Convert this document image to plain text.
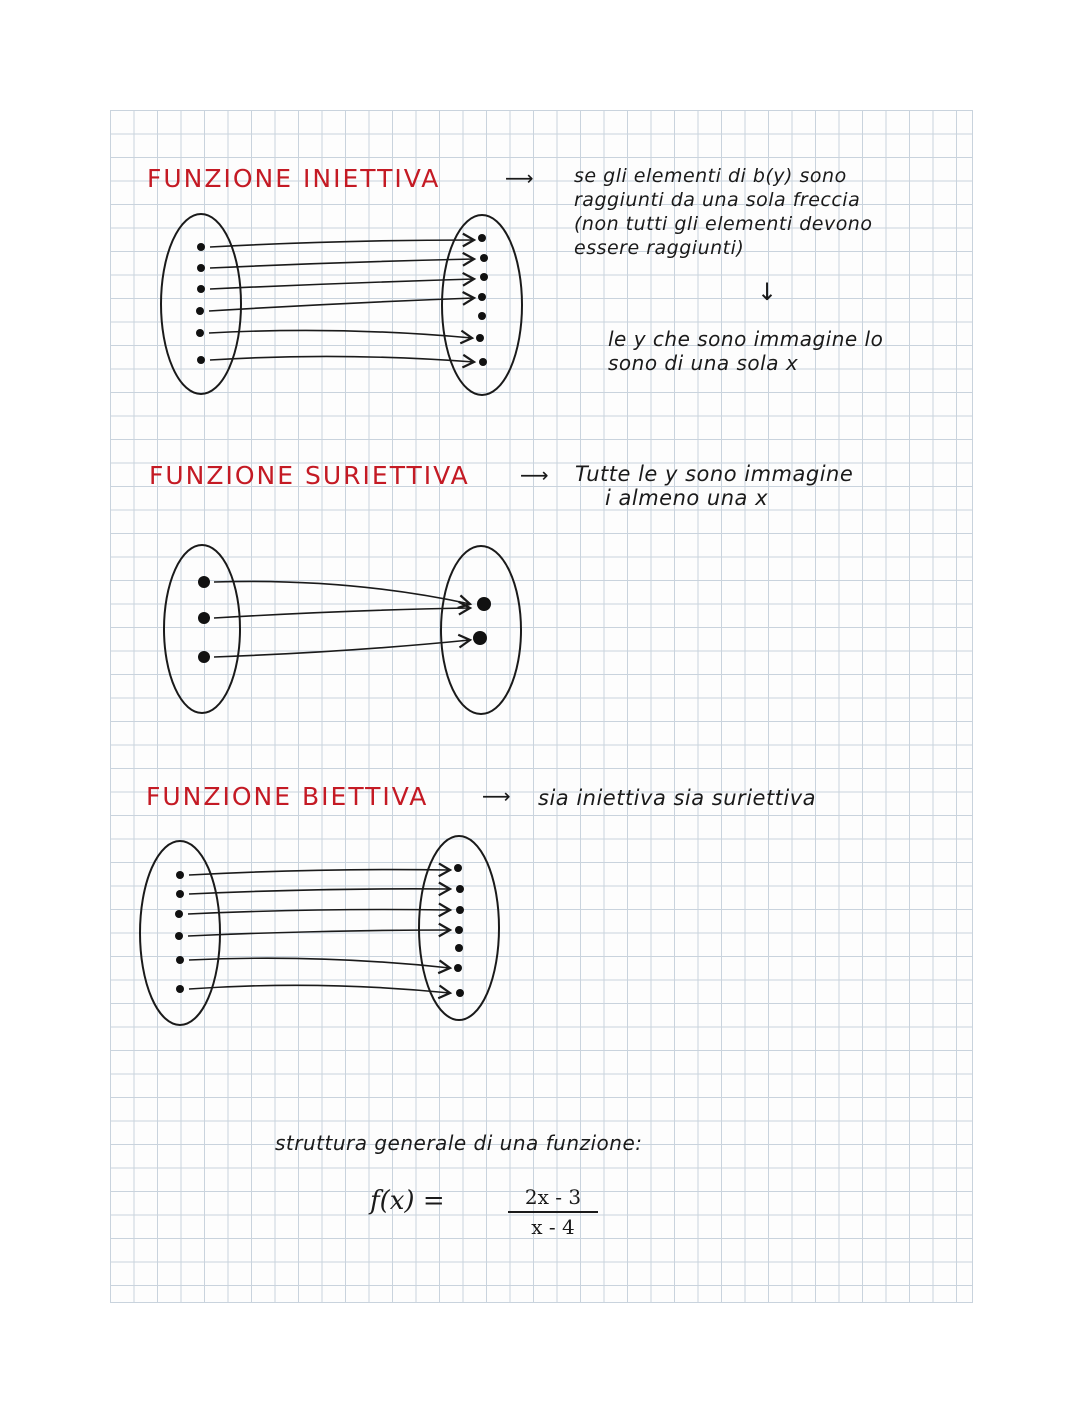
FUNZIONE INIETTIVA	⟶ se gli elementi di b(y) sono
raggiunti da una sola freccia
(non tutti gli elementi devono
essere raggiunti)
↓
le y che sono immagine lo
sono di una sola x
FUNZIONE SURIETTIVA	⟶ Tutte le y sono immagine
i almeno una x
FUNZIONE BIETTIVA	⟶ sia iniettiva sia suriettiva
struttura generale di una funzione:
f(x) =	2x - 3
x - 4
